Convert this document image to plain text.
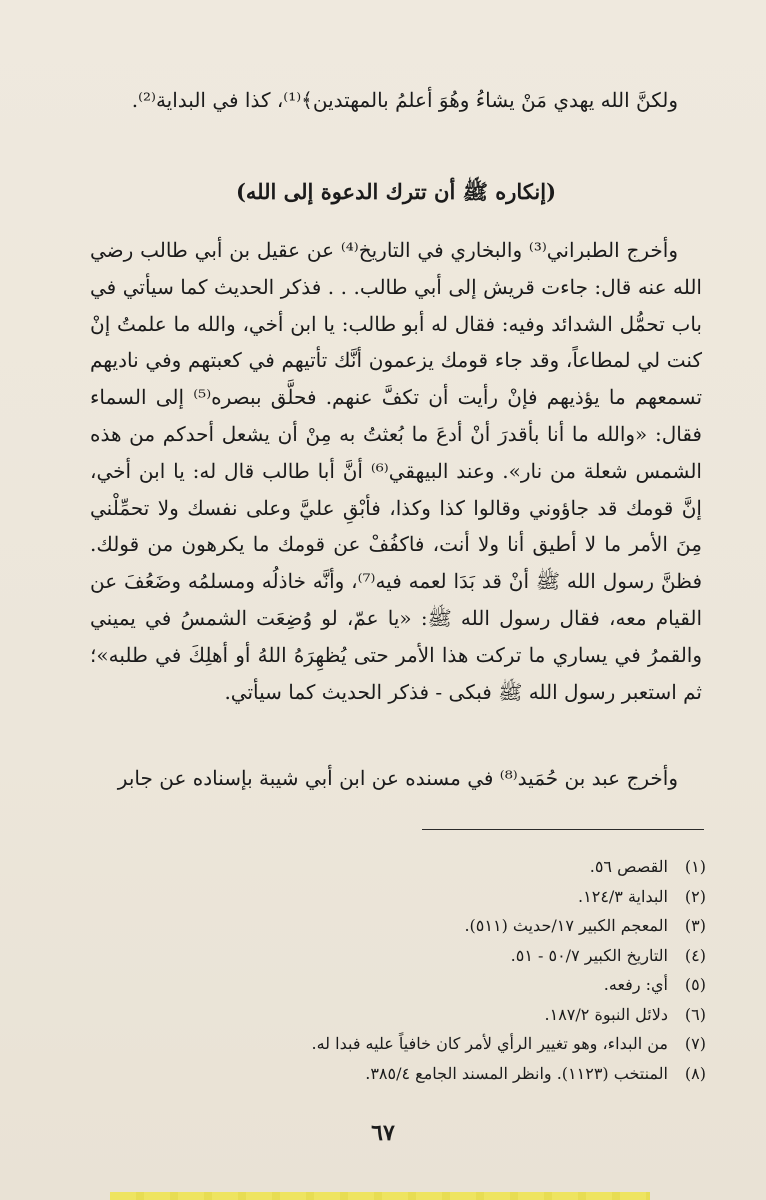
ولكنَّ الله يهدي مَنْ يشاءُ وهُوَ أعلمُ بالمهتدين﴾⁽¹⁾، كذا في البداية⁽²⁾.

(إنكاره ﷺ أن تترك الدعوة إلى الله)

وأخرج الطبراني⁽³⁾ والبخاري في التاريخ⁽⁴⁾ عن عقيل بن أبي طالب رضي الله عنه قال: جاءت قريش إلى أبي طالب. . . فذكر الحديث كما سيأتي في باب تحمُّل الشدائد وفيه: فقال له أبو طالب: يا ابن أخي، والله ما علمتُ إنْ كنت لي لمطاعاً، وقد جاء قومك يزعمون أنَّك تأتيهم في كعبتهم وفي ناديهم تسمعهم ما يؤذيهم فإنْ رأيت أن تكفَّ عنهم. فحلَّق ببصره⁽⁵⁾ إلى السماء فقال: «والله ما أنا بأقدرَ أنْ أدعَ ما بُعثتُ به مِنْ أن يشعل أحدكم من هذه الشمس شعلة من نار». وعند البيهقي⁽⁶⁾ أنَّ أبا طالب قال له: يا ابن أخي، إنَّ قومك قد جاؤوني وقالوا كذا وكذا، فأبْقِ عليَّ وعلى نفسك ولا تحمِّلْني مِنَ الأمر ما لا أطيق أنا ولا أنت، فاكفُفْ عن قومك ما يكرهون من قولك. فظنَّ رسول الله ﷺ أنْ قد بَدَا لعمه فيه⁽⁷⁾، وأنَّه خاذلُه ومسلمُه وضَعُفَ عن القيام معه، فقال رسول الله ﷺ: «يا عمّ، لو وُضِعَت الشمسُ في يميني والقمرُ في يساري ما تركت هذا الأمر حتى يُظهِرَهُ اللهُ أو أهلِكَ في طلبه»؛ ثم استعبر رسول الله ﷺ فبكى - فذكر الحديث كما سيأتي.

وأخرج عبد بن حُمَيد⁽⁸⁾ في مسنده عن ابن أبي شيبة بإسناده عن جابر

(١)القصص ٥٦.
(٢)البداية ١٢٤/٣.
(٣)المعجم الكبير ١٧/حديث (٥١١).
(٤)التاريخ الكبير ٥٠/٧ - ٥١.
(٥)أي: رفعه.
(٦)دلائل النبوة ١٨٧/٢.
(٧)من البداء، وهو تغيير الرأي لأمر كان خافياً عليه فبدا له.
(٨)المنتخب (١١٢٣). وانظر المسند الجامع ٣٨٥/٤.
٦٧
